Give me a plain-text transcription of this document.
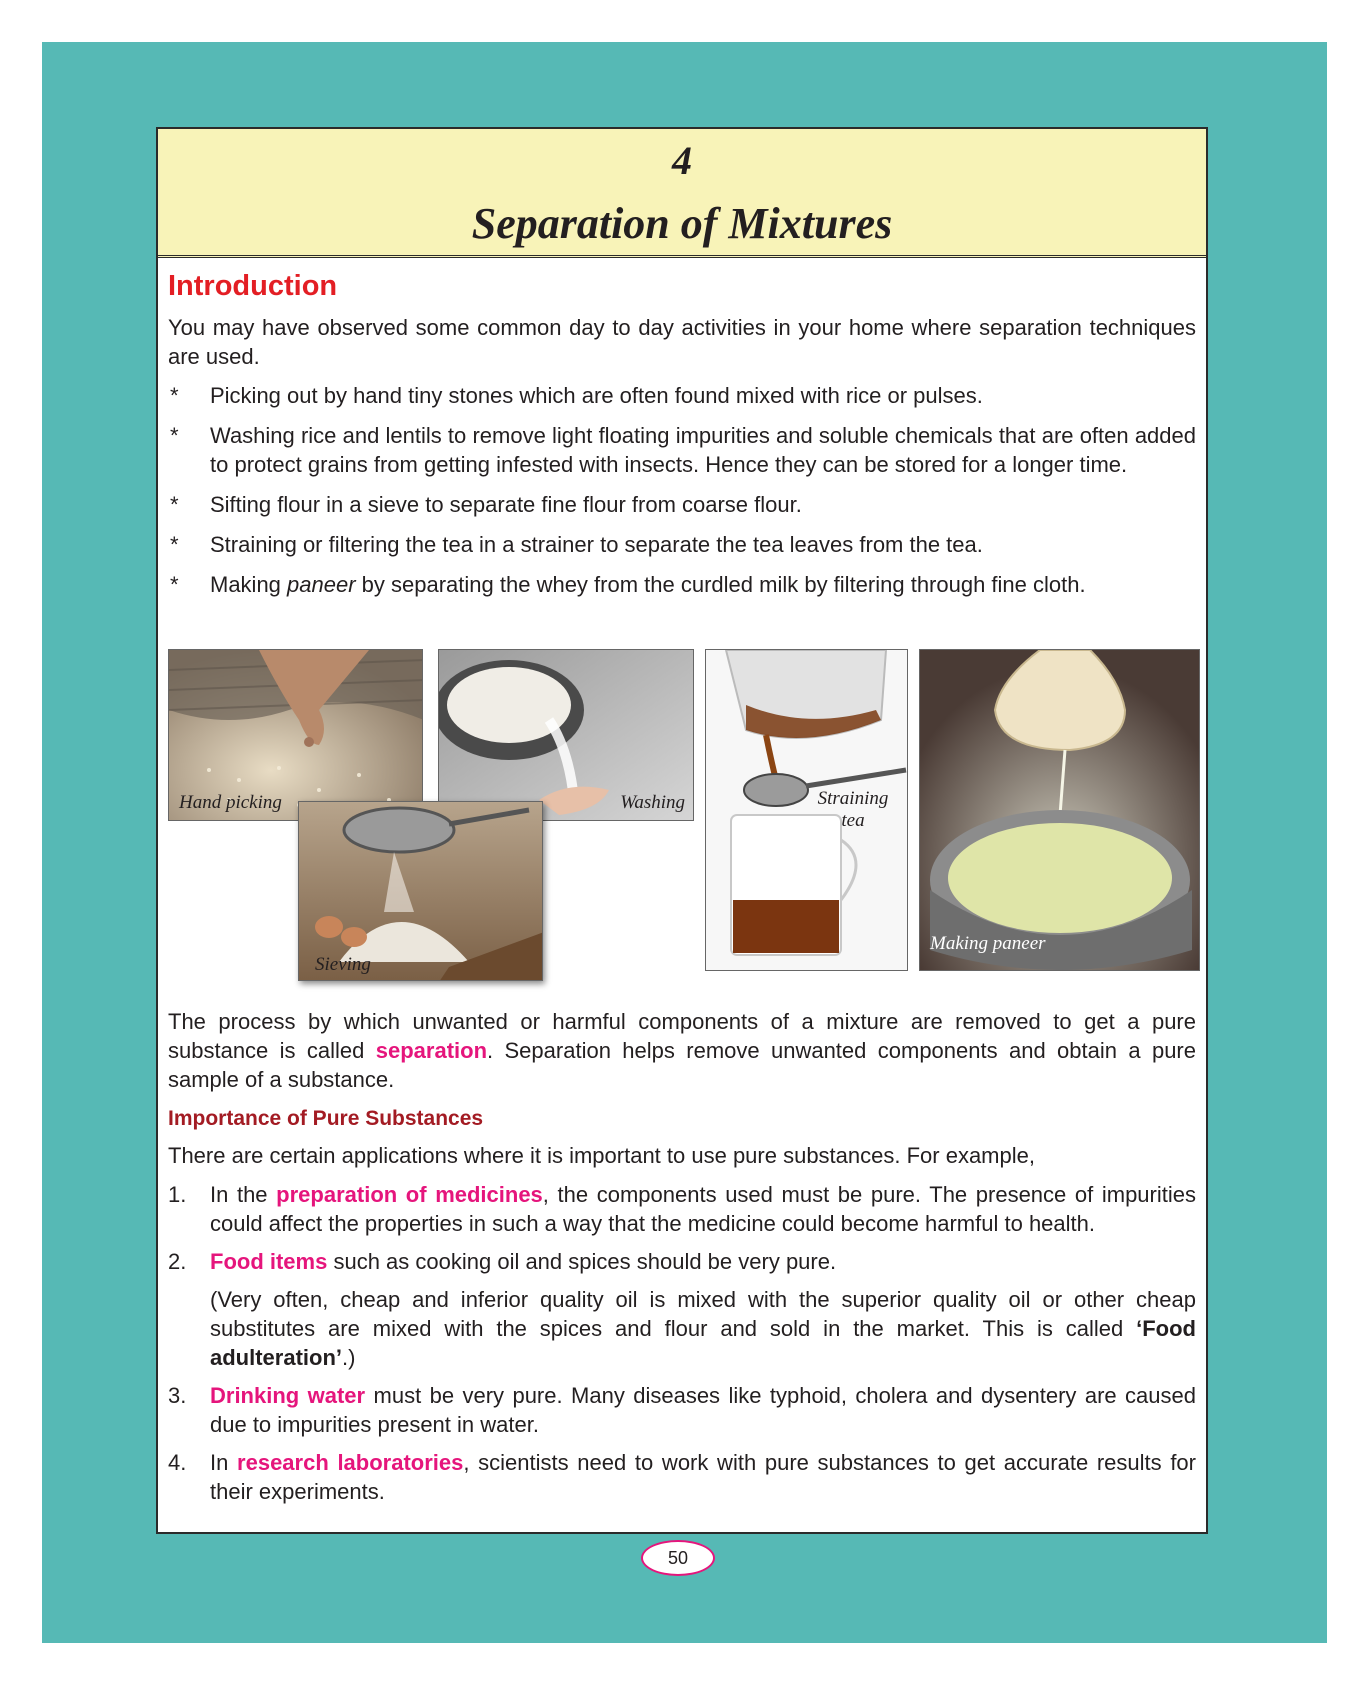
4
Separation of Mixtures
Introduction

You may have observed some common day to day activities in your home where separation techniques are used.

* Picking out by hand tiny stones which are often found mixed with rice or pulses.
* Washing rice and lentils to remove light floating impurities and soluble chemicals that are often added to protect grains from getting infested with insects. Hence they can be stored for a longer time.
* Sifting flour in a sieve to separate fine flour from coarse flour.
* Straining or filtering the tea in a strainer to separate the tea leaves from the tea.
* Making paneer by separating the whey from the curdled milk by filtering through fine cloth.
Hand picking	Washing
Sieving
Straining tea
Making paneer

The process by which unwanted or harmful components of a mixture are removed to get a pure substance is called separation. Separation helps remove unwanted components and obtain a pure sample of a substance.

Importance of Pure Substances

There are certain applications where it is important to use pure substances. For example,

1. In the preparation of medicines, the components used must be pure. The presence of impurities could affect the properties in such a way that the medicine could become harmful to health.
2. Food items such as cooking oil and spices should be very pure.

(Very often, cheap and inferior quality oil is mixed with the superior quality oil or other cheap substitutes are mixed with the spices and flour and sold in the market. This is called ‘Food adulteration’.)

3. Drinking water must be very pure. Many diseases like typhoid, cholera and dysentery are caused due to impurities present in water.
4. In research laboratories, scientists need to work with pure substances to get accurate results for their experiments.
50
